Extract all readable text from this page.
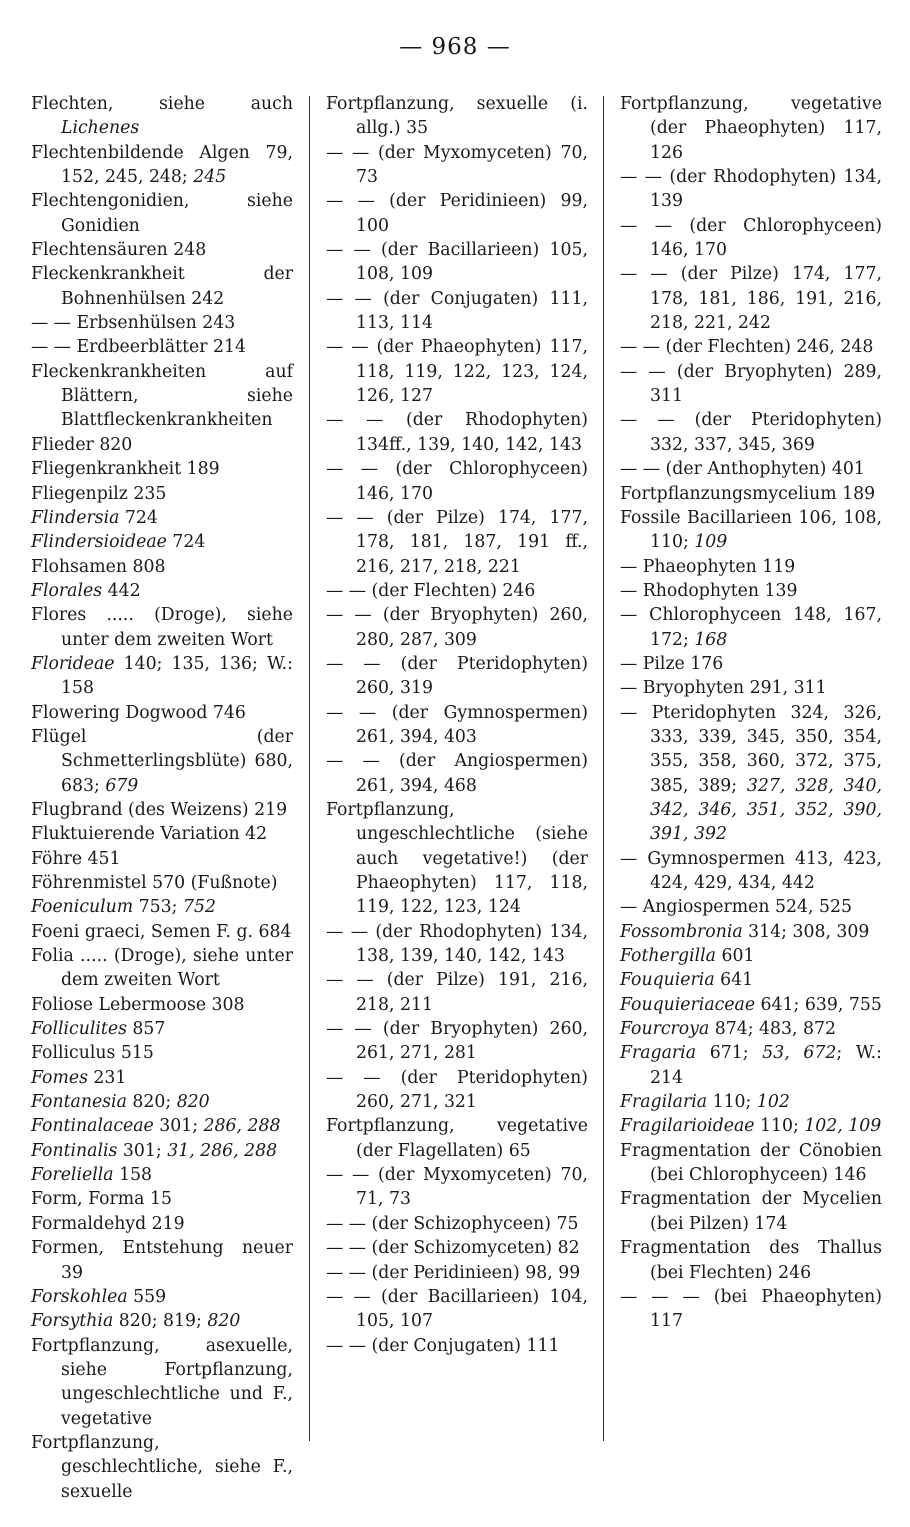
— 968 —
Flechten, siehe auch Lichenes
Flechtenbildende Algen 79, 152, 245, 248; 245
Flechtengonidien, siehe Gonidien
Flechtensäuren 248
Fleckenkrankheit der Bohnenhülsen 242
— — Erbsenhülsen 243
— — Erdbeerblätter 214
Fleckenkrankheiten auf Blättern, siehe Blattfleckenkrankheiten
Flieder 820
Fliegenkrankheit 189
Fliegenpilz 235
Flindersia 724
Flindersioideae 724
Flohsamen 808
Florales 442
Flores ..... (Droge), siehe unter dem zweiten Wort
Florideae 140; 135, 136; W.: 158
Flowering Dogwood 746
Flügel (der Schmetterlingsblüte) 680, 683; 679
Flugbrand (des Weizens) 219
Fluktuierende Variation 42
Föhre 451
Föhrenmistel 570 (Fußnote)
Foeniculum 753; 752
Foeni graeci, Semen F. g. 684
Folia ..... (Droge), siehe unter dem zweiten Wort
Foliose Lebermoose 308
Folliculites 857
Folliculus 515
Fomes 231
Fontanesia 820; 820
Fontinalaceae 301; 286, 288
Fontinalis 301; 31, 286, 288
Foreliella 158
Form, Forma 15
Formaldehyd 219
Formen, Entstehung neuer 39
Forskohlea 559
Forsythia 820; 819; 820
Fortpflanzung, asexuelle, siehe Fortpflanzung, ungeschlechtliche und F., vegetative
Fortpflanzung, geschlechtliche, siehe F., sexuelle
Fortpflanzung, sexuelle (i. allg.) 35
— — (der Myxomyceten) 70, 73
— — (der Peridinieen) 99, 100
— — (der Bacillarieen) 105, 108, 109
— — (der Conjugaten) 111, 113, 114
— — (der Phaeophyten) 117, 118, 119, 122, 123, 124, 126, 127
— — (der Rhodophyten) 134ff., 139, 140, 142, 143
— — (der Chlorophyceen) 146, 170
— — (der Pilze) 174, 177, 178, 181, 187, 191 ff., 216, 217, 218, 221
— — (der Flechten) 246
— — (der Bryophyten) 260, 280, 287, 309
— — (der Pteridophyten) 260, 319
— — (der Gymnospermen) 261, 394, 403
— — (der Angiospermen) 261, 394, 468
Fortpflanzung, ungeschlechtliche (siehe auch vegetative!) (der Phaeophyten) 117, 118, 119, 122, 123, 124
— — (der Rhodophyten) 134, 138, 139, 140, 142, 143
— — (der Pilze) 191, 216, 218, 211
— — (der Bryophyten) 260, 261, 271, 281
— — (der Pteridophyten) 260, 271, 321
Fortpflanzung, vegetative (der Flagellaten) 65
— — (der Myxomyceten) 70, 71, 73
— — (der Schizophyceen) 75
— — (der Schizomyceten) 82
— — (der Peridinieen) 98, 99
— — (der Bacillarieen) 104, 105, 107
— — (der Conjugaten) 111
Fortpflanzung, vegetative (der Phaeophyten) 117, 126
— — (der Rhodophyten) 134, 139
— — (der Chlorophyceen) 146, 170
— — (der Pilze) 174, 177, 178, 181, 186, 191, 216, 218, 221, 242
— — (der Flechten) 246, 248
— — (der Bryophyten) 289, 311
— — (der Pteridophyten) 332, 337, 345, 369
— — (der Anthophyten) 401
Fortpflanzungsmycelium 189
Fossile Bacillarieen 106, 108, 110; 109
— Phaeophyten 119
— Rhodophyten 139
— Chlorophyceen 148, 167, 172; 168
— Pilze 176
— Bryophyten 291, 311
— Pteridophyten 324, 326, 333, 339, 345, 350, 354, 355, 358, 360, 372, 375, 385, 389; 327, 328, 340, 342, 346, 351, 352, 390, 391, 392
— Gymnospermen 413, 423, 424, 429, 434, 442
— Angiospermen 524, 525
Fossombronia 314; 308, 309
Fothergilla 601
Fouquieria 641
Fouquieriaceae 641; 639, 755
Fourcroya 874; 483, 872
Fragaria 671; 53, 672; W.: 214
Fragilaria 110; 102
Fragilarioideae 110; 102, 109
Fragmentation der Cönobien (bei Chlorophyceen) 146
Fragmentation der Mycelien (bei Pilzen) 174
Fragmentation des Thallus (bei Flechten) 246
— — — (bei Phaeophyten) 117
